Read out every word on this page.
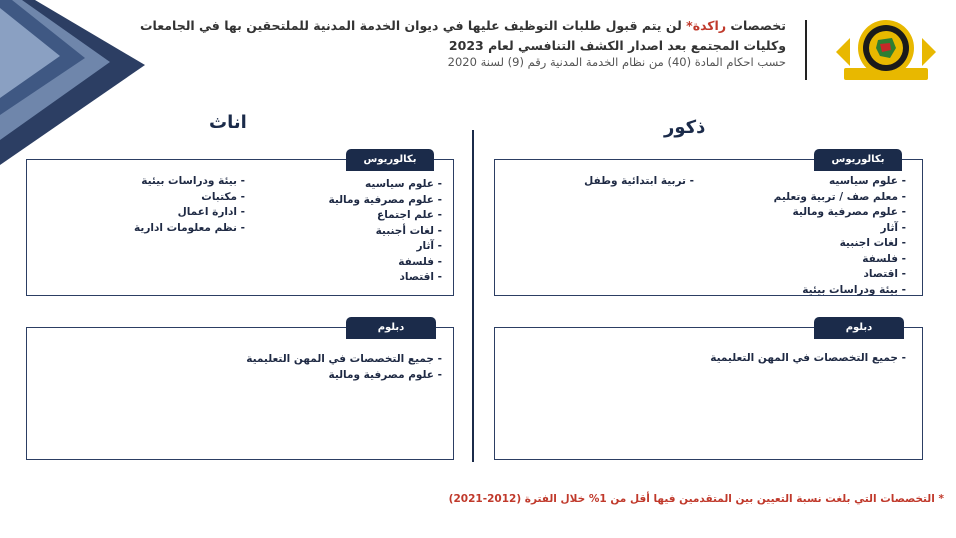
تخصصات راكدة* لن يتم قبول طلبات التوظيف عليها في ديوان الخدمة المدنية للملتحقين بها في الجامعات
وكليات المجتمع بعد اصدار الكشف التنافسي لعام 2023
حسب احكام المادة (40) من نظام الخدمة المدنية رقم (9) لسنة 2020
ذكور
اناث
بكالوريوس
- علوم سياسيه
- معلم صف / تربية وتعليم
- علوم مصرفية ومالية
- آثار
- لغات اجنبية
- فلسفة
- اقتصاد
- بيئة ودراسات بيئية
- تربية ابتدائية وطفل
بكالوريوس
- علوم سياسيه
- علوم مصرفية ومالية
- علم اجتماع
- لغات أجنبية
- آثار
- فلسفة
- اقتصاد
- بيئة ودراسات بيئية
- مكتبات
- ادارة اعمال
- نظم معلومات ادارية
دبلوم
- جميع التخصصات في المهن التعليمية
دبلوم
- جميع التخصصات في المهن التعليمية
- علوم مصرفية ومالية
* التخصصات التي بلغت نسبة التعيين بين المتقدمين فيها أقل من 1% خلال الفترة (2012-2021)
